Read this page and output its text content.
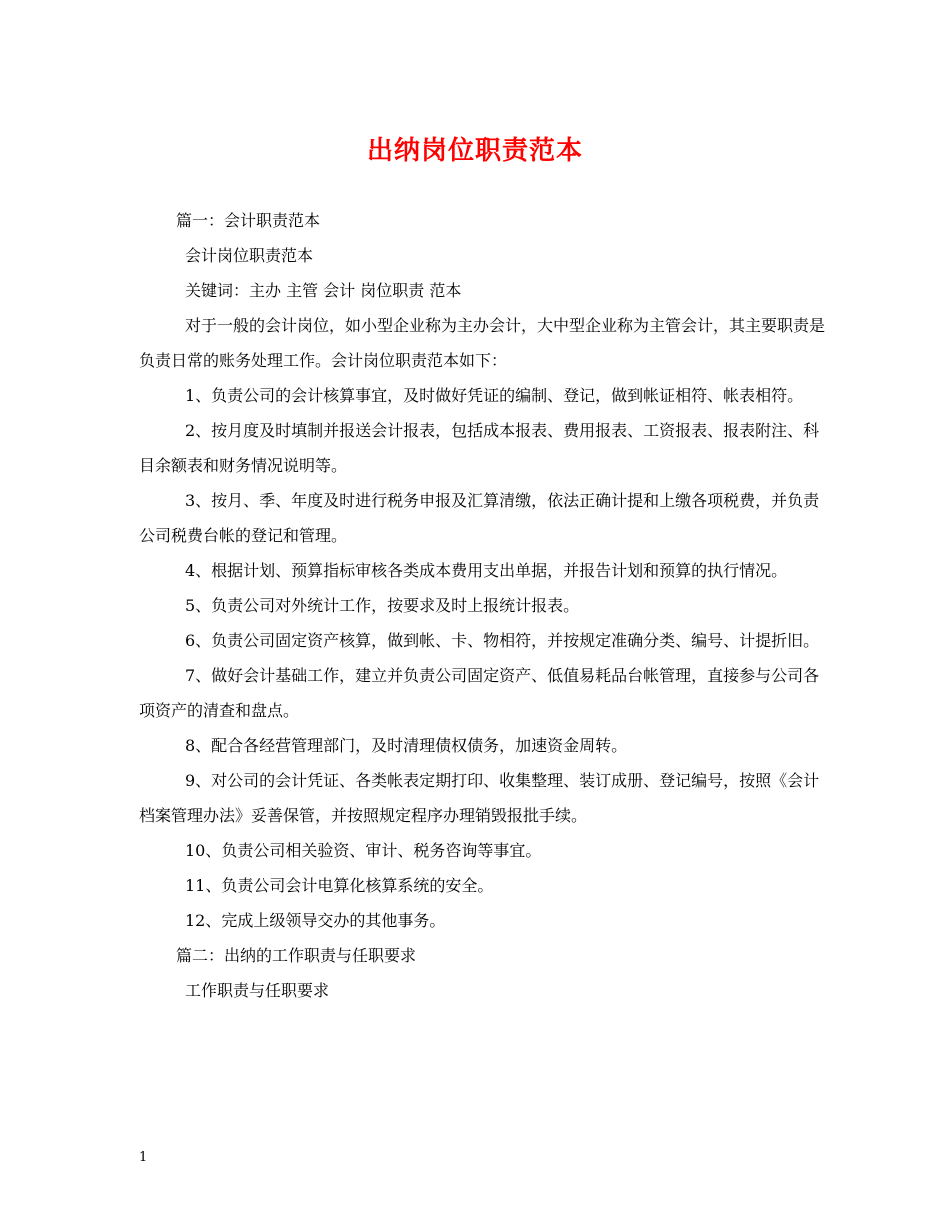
出纳岗位职责范本

篇一：会计职责范本

会计岗位职责范本

关键词：主办 主管 会计 岗位职责 范本

对于一般的会计岗位，如小型企业称为主办会计，大中型企业称为主管会计，其主要职责是负责日常的账务处理工作。会计岗位职责范本如下：

1、负责公司的会计核算事宜，及时做好凭证的编制、登记，做到帐证相符、帐表相符。

2、按月度及时填制并报送会计报表，包括成本报表、费用报表、工资报表、报表附注、科目余额表和财务情况说明等。

3、按月、季、年度及时进行税务申报及汇算清缴，依法正确计提和上缴各项税费，并负责公司税费台帐的登记和管理。

4、根据计划、预算指标审核各类成本费用支出单据，并报告计划和预算的执行情况。

5、负责公司对外统计工作，按要求及时上报统计报表。

6、负责公司固定资产核算，做到帐、卡、物相符，并按规定准确分类、编号、计提折旧。

7、做好会计基础工作，建立并负责公司固定资产、低值易耗品台帐管理，直接参与公司各项资产的清查和盘点。

8、配合各经营管理部门，及时清理债权债务，加速资金周转。

9、对公司的会计凭证、各类帐表定期打印、收集整理、装订成册、登记编号，按照《会计档案管理办法》妥善保管，并按照规定程序办理销毁报批手续。

10、负责公司相关验资、审计、税务咨询等事宜。

11、负责公司会计电算化核算系统的安全。

12、完成上级领导交办的其他事务。

篇二：出纳的工作职责与任职要求

工作职责与任职要求

1
